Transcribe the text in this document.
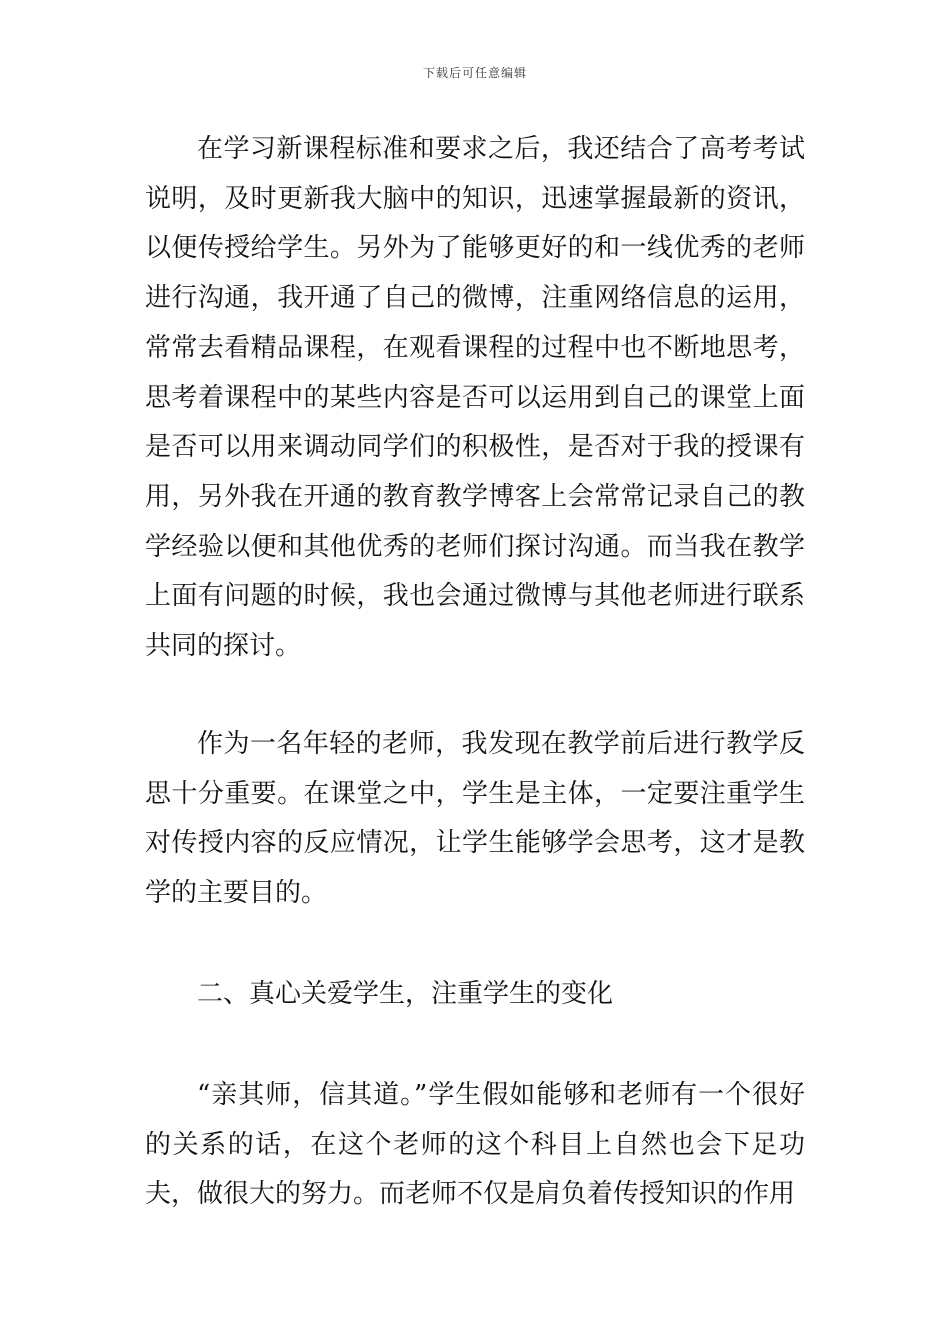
下载后可任意编辑

在学习新课程标准和要求之后，我还结合了高考考试说明，及时更新我大脑中的知识，迅速掌握最新的资讯，以便传授给学生。另外为了能够更好的和一线优秀的老师进行沟通，我开通了自己的微博，注重网络信息的运用，常常去看精品课程，在观看课程的过程中也不断地思考，思考着课程中的某些内容是否可以运用到自己的课堂上面是否可以用来调动同学们的积极性，是否对于我的授课有用，另外我在开通的教育教学博客上会常常记录自己的教学经验以便和其他优秀的老师们探讨沟通。而当我在教学上面有问题的时候，我也会通过微博与其他老师进行联系共同的探讨。

作为一名年轻的老师，我发现在教学前后进行教学反思十分重要。在课堂之中，学生是主体，一定要注重学生对传授内容的反应情况，让学生能够学会思考，这才是教学的主要目的。

二、真心关爱学生，注重学生的变化

“亲其师，信其道。”学生假如能够和老师有一个很好的关系的话，在这个老师的这个科目上自然也会下足功夫，做很大的努力。而老师不仅是肩负着传授知识的作用
